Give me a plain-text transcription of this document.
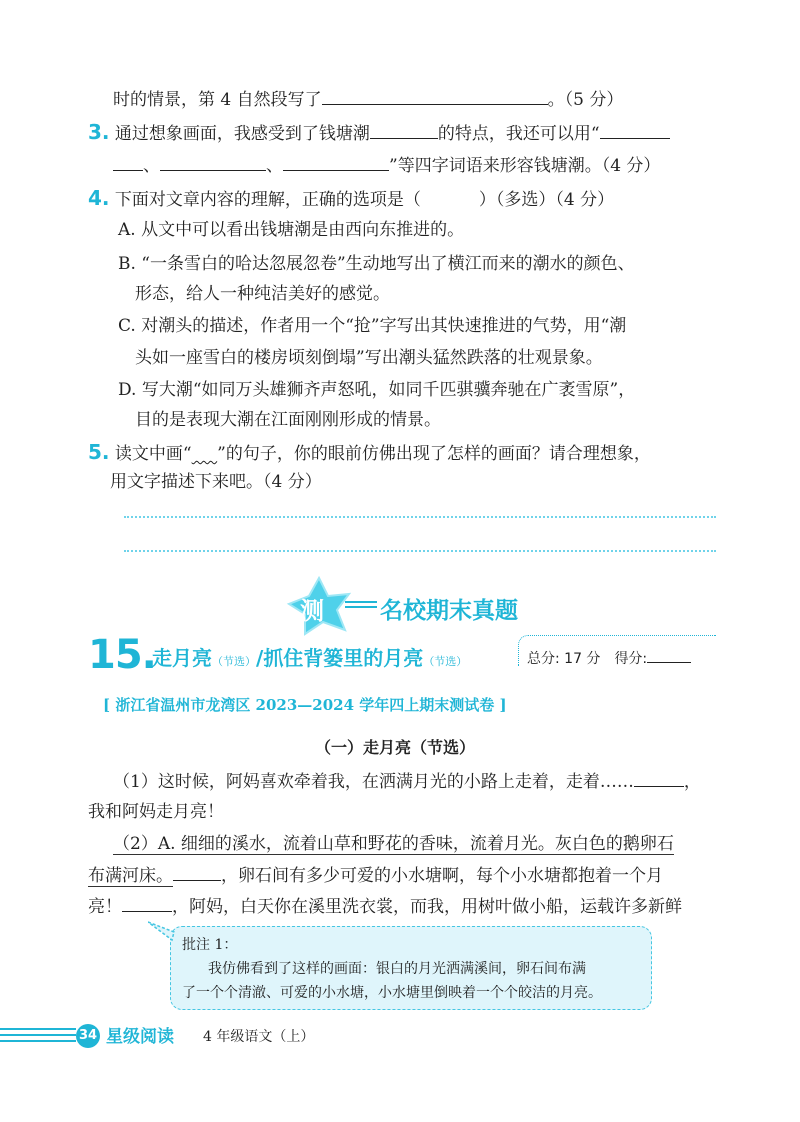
时的情景，第 4 自然段写了	。（5 分）
3. 通过想象画面，我感受到了钱塘潮	的特点，我还可以用“
、	、	”等四字词语来形容钱塘潮。（4 分）
4. 下面对文章内容的理解，正确的选项是（	）（多选）（4 分）
A. 从文中可以看出钱塘潮是由西向东推进的。
B. “一条雪白的哈达忽展忽卷”生动地写出了横江而来的潮水的颜色、
形态，给人一种纯洁美好的感觉。
C. 对潮头的描述，作者用一个“抢”字写出其快速推进的气势，用“潮
头如一座雪白的楼房顷刻倒塌”写出潮头猛然跌落的壮观景象。
D. 写大潮“如同万头雄狮齐声怒吼，如同千匹骐骥奔驰在广袤雪原”，
目的是表现大潮在江面刚刚形成的情景。
5. 读文中画“    ”的句子，你的眼前仿佛出现了怎样的画面？请合理想象，
用文字描述下来吧。（4 分）
测 名校期末真题
15.
走月亮（节选）/抓住背篓里的月亮（节选）	总分: 17 分  得分:
[ 浙江省温州市龙湾区 2023—2024 学年四上期末测试卷 ]
（一）走月亮（节选）
（1）这时候，阿妈喜欢牵着我，在洒满月光的小路上走着，走着……	，
我和阿妈走月亮！
（2）A. 细细的溪水，流着山草和野花的香味，流着月光。灰白色的鹅卵石
布满河床。	，卵石间有多少可爱的小水塘啊，每个小水塘都抱着一个月
亮！	，阿妈，白天你在溪里洗衣裳，而我，用树叶做小船，运载许多新鲜
批注 1：
我仿佛看到了这样的画面：银白的月光洒满溪间，卵石间布满
了一个个清澈、可爱的小水塘，小水塘里倒映着一个个皎洁的月亮。
34 星级阅读 4 年级语文（上）
